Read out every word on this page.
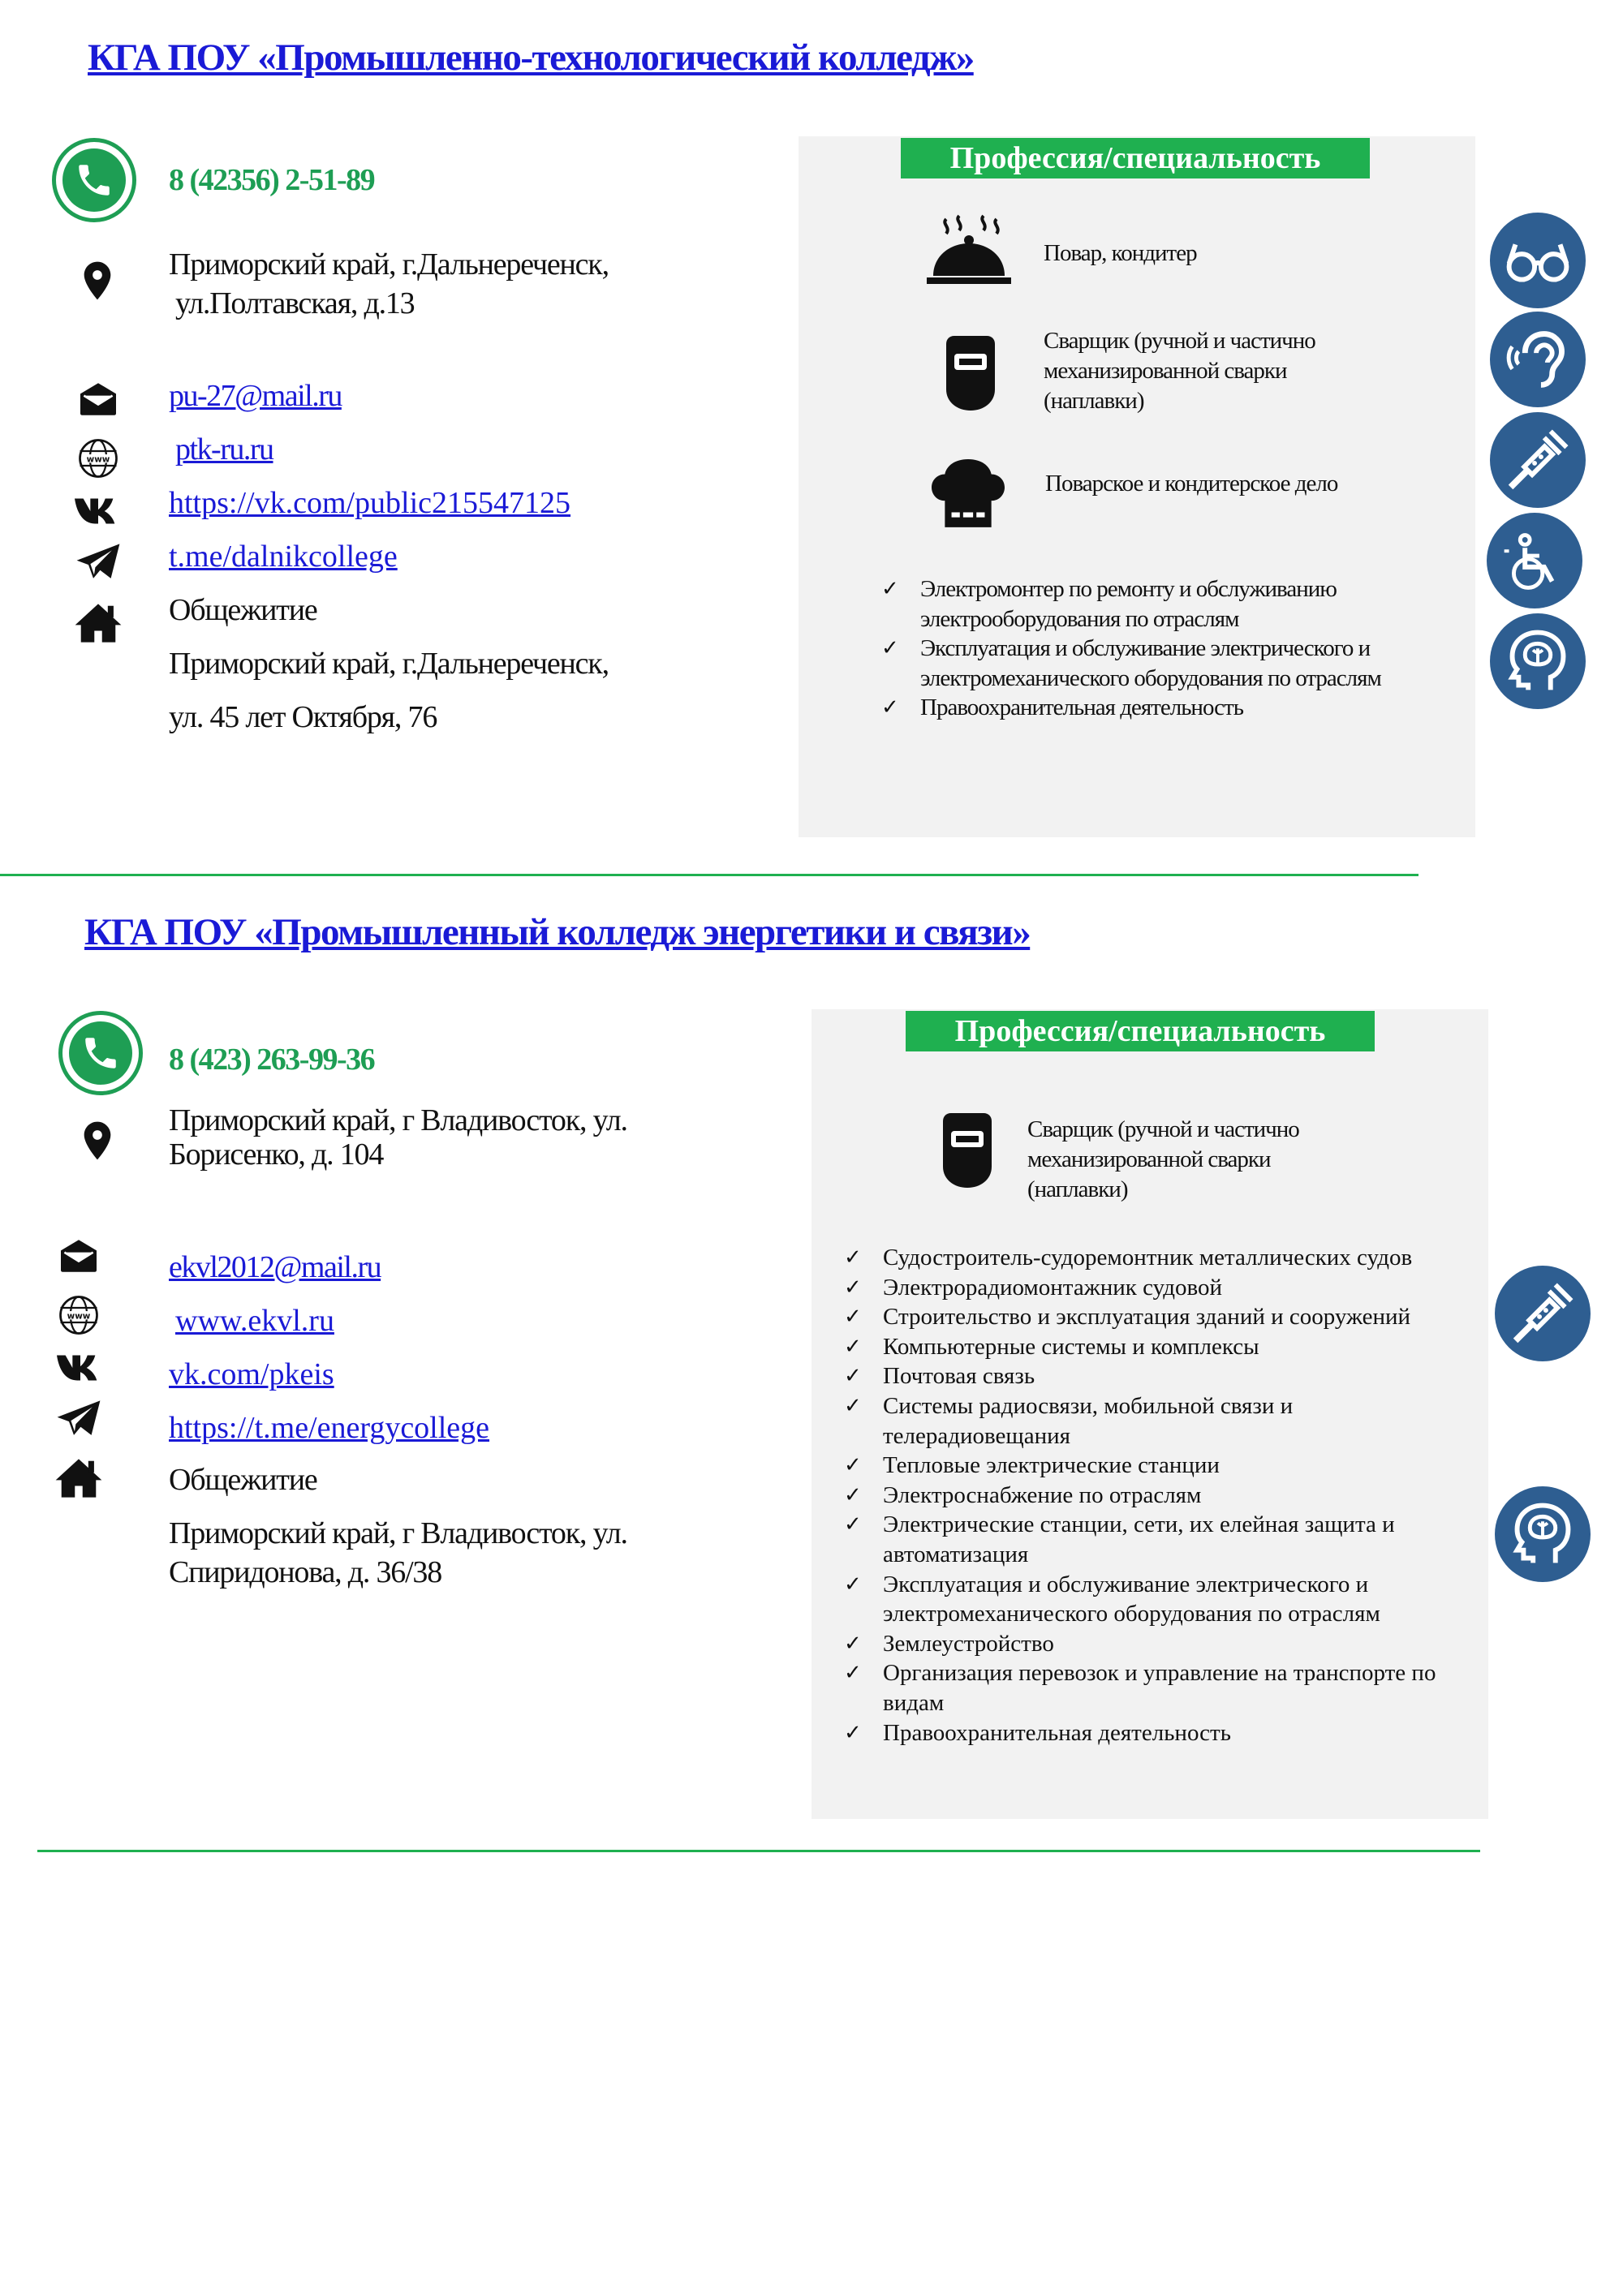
КГА ПОУ «Промышленно-технологический колледж»
8 (42356) 2-51-89
Приморский край, г.Дальнереченск,
ул.Полтавская, д.13
pu-27@mail.ru
www ptk-ru.ru
https://vk.com/public215547125
t.me/dalnikcollege
Общежитие
Приморский край, г.Дальнереченск,
ул. 45 лет Октября, 76
Профессия/специальность
Повар, кондитер
Сварщик (ручной и частично
механизированной сварки
(наплавки)
Поварское и кондитерское дело
✓ Электромонтер по ремонту и обслуживанию электрооборудования по отраслям
✓ Эксплуатация и обслуживание электрического и электромеханического оборудования по отраслям
✓ Правоохранительная деятельность
КГА ПОУ «Промышленный колледж энергетики и связи»
8 (423) 263-99-36
Приморский край, г Владивосток, ул.
Борисенко, д. 104
ekvl2012@mail.ru
www	www.ekvl.ru
vk.com/pkeis
https://t.me/energycollege
Общежитие
Приморский край, г Владивосток, ул.
Спиридонова, д. 36/38
Профессия/специальность
Сварщик (ручной и частично
механизированной сварки
(наплавки)
✓ Судостроитель-судоремонтник металлических судов
✓ Электрорадиомонтажник судовой
✓ Строительство и эксплуатация зданий и сооружений
✓ Компьютерные системы и комплексы
✓ Почтовая связь
✓ Системы радиосвязи, мобильной связи и телерадиовещания
✓ Тепловые электрические станции
✓ Электроснабжение по отраслям
✓ Электрические станции, сети, их елейная защита и автоматизация
✓ Эксплуатация и обслуживание электрического и электромеханического оборудования по отраслям
✓ Землеустройство
✓ Организация перевозок и управление на транспорте по видам
✓ Правоохранительная деятельность
